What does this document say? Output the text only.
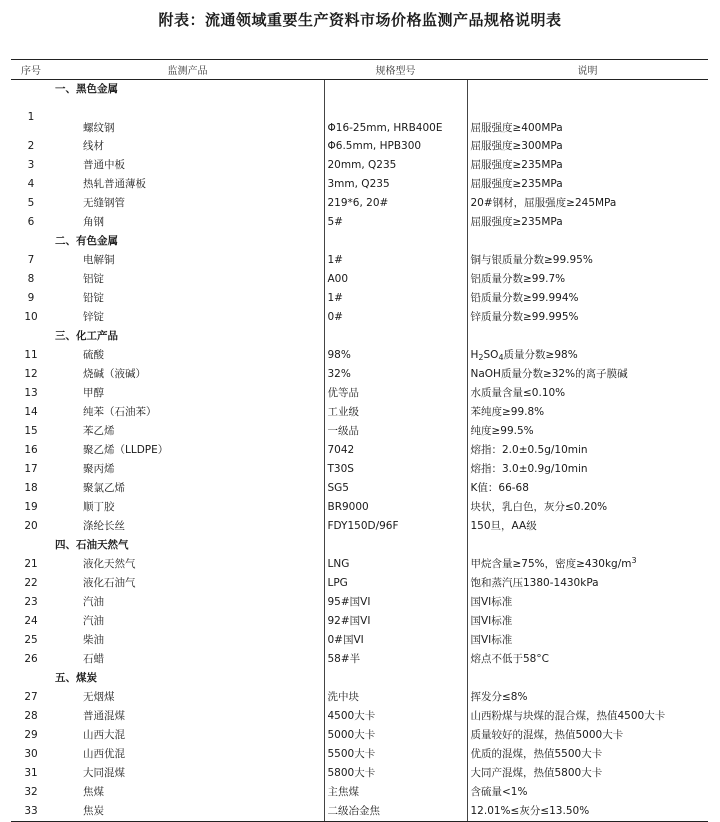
附表：流通领域重要生产资料市场价格监测产品规格说明表
序号	监测产品	规格型号	说明
	一、黑色金属		
1	螺纹钢	Φ16-25mm, HRB400E	屈服强度≥400MPa
2	线材	Φ6.5mm, HPB300	屈服强度≥300MPa
3	普通中板	20mm, Q235	屈服强度≥235MPa
4	热轧普通薄板	3mm, Q235	屈服强度≥235MPa
5	无缝钢管	219*6, 20#	20#钢材，屈服强度≥245MPa
6	角钢	5#	屈服强度≥235MPa
	二、有色金属		
7	电解铜	1#	铜与银质量分数≥99.95%
8	铝锭	A00	铝质量分数≥99.7%
9	铅锭	1#	铅质量分数≥99.994%
10	锌锭	0#	锌质量分数≥99.995%
	三、化工产品		
11	硫酸	98%	$H_2SO_4$质量分数≥98%
12	烧碱（液碱）	32%	NaOH质量分数≥32%的离子膜碱
13	甲醇	优等品	水质量含量≤0.10%
14	纯苯（石油苯）	工业级	苯纯度≥99.8%
15	苯乙烯	一级品	纯度≥99.5%
16	聚乙烯（LLDPE）	7042	熔指：2.0±0.5g/10min
17	聚丙烯	T30S	熔指：3.0±0.9g/10min
18	聚氯乙烯	SG5	K值：66-68
19	顺丁胶	BR9000	块状，乳白色，灰分≤0.20%
20	涤纶长丝	FDY150D/96F	150旦，AA级
	四、石油天然气		
21	液化天然气	LNG	甲烷含量≥75%，密度$\ge 430kg/m^3$
22	液化石油气	LPG	饱和蒸汽压1380-1430kPa
23	汽油	95#国VI	国VI标准
24	汽油	92#国VI	国VI标准
25	柴油	0#国VI	国VI标准
26	石蜡	58#半	熔点不低于58°C
	五、煤炭		
27	无烟煤	洗中块	挥发分≤8%
28	普通混煤	4500大卡	山西粉煤与块煤的混合煤，热值4500大卡
29	山西大混	5000大卡	质量较好的混煤，热值5000大卡
30	山西优混	5500大卡	优质的混煤，热值5500大卡
31	大同混煤	5800大卡	大同产混煤，热值5800大卡
32	焦煤	主焦煤	含硫量<1%
33	焦炭	二级冶金焦	12.01%≤灰分≤13.50%
